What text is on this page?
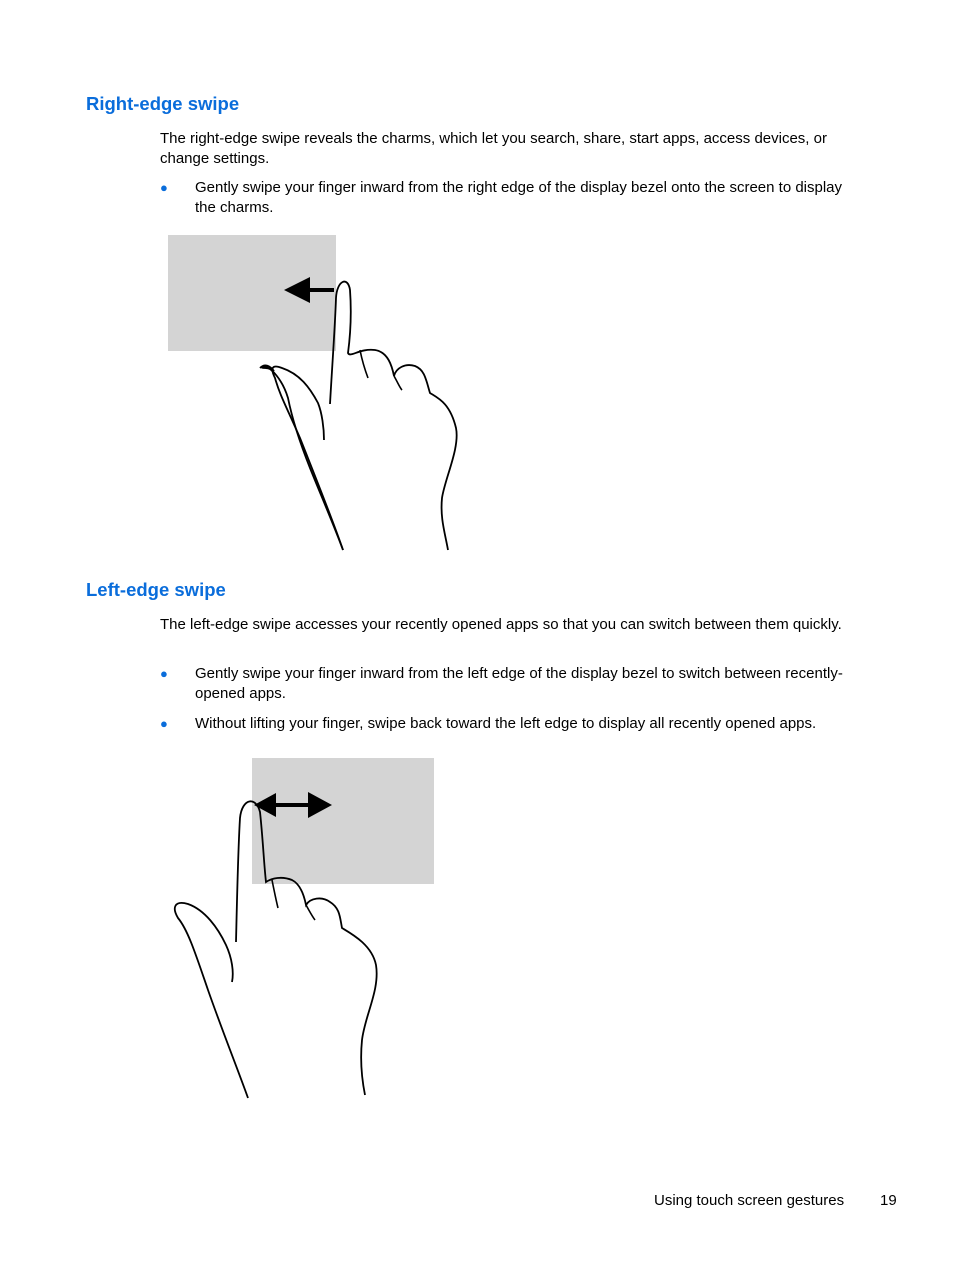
Right-edge swipe

The right-edge swipe reveals the charms, which let you search, share, start apps, access devices, or change settings.

● Gently swipe your finger inward from the right edge of the display bezel onto the screen to display the charms.
Left-edge swipe

The left-edge swipe accesses your recently opened apps so that you can switch between them quickly.

● Gently swipe your finger inward from the left edge of the display bezel to switch between recently-opened apps.
● Without lifting your finger, swipe back toward the left edge to display all recently opened apps.
Using touch screen gestures 19
